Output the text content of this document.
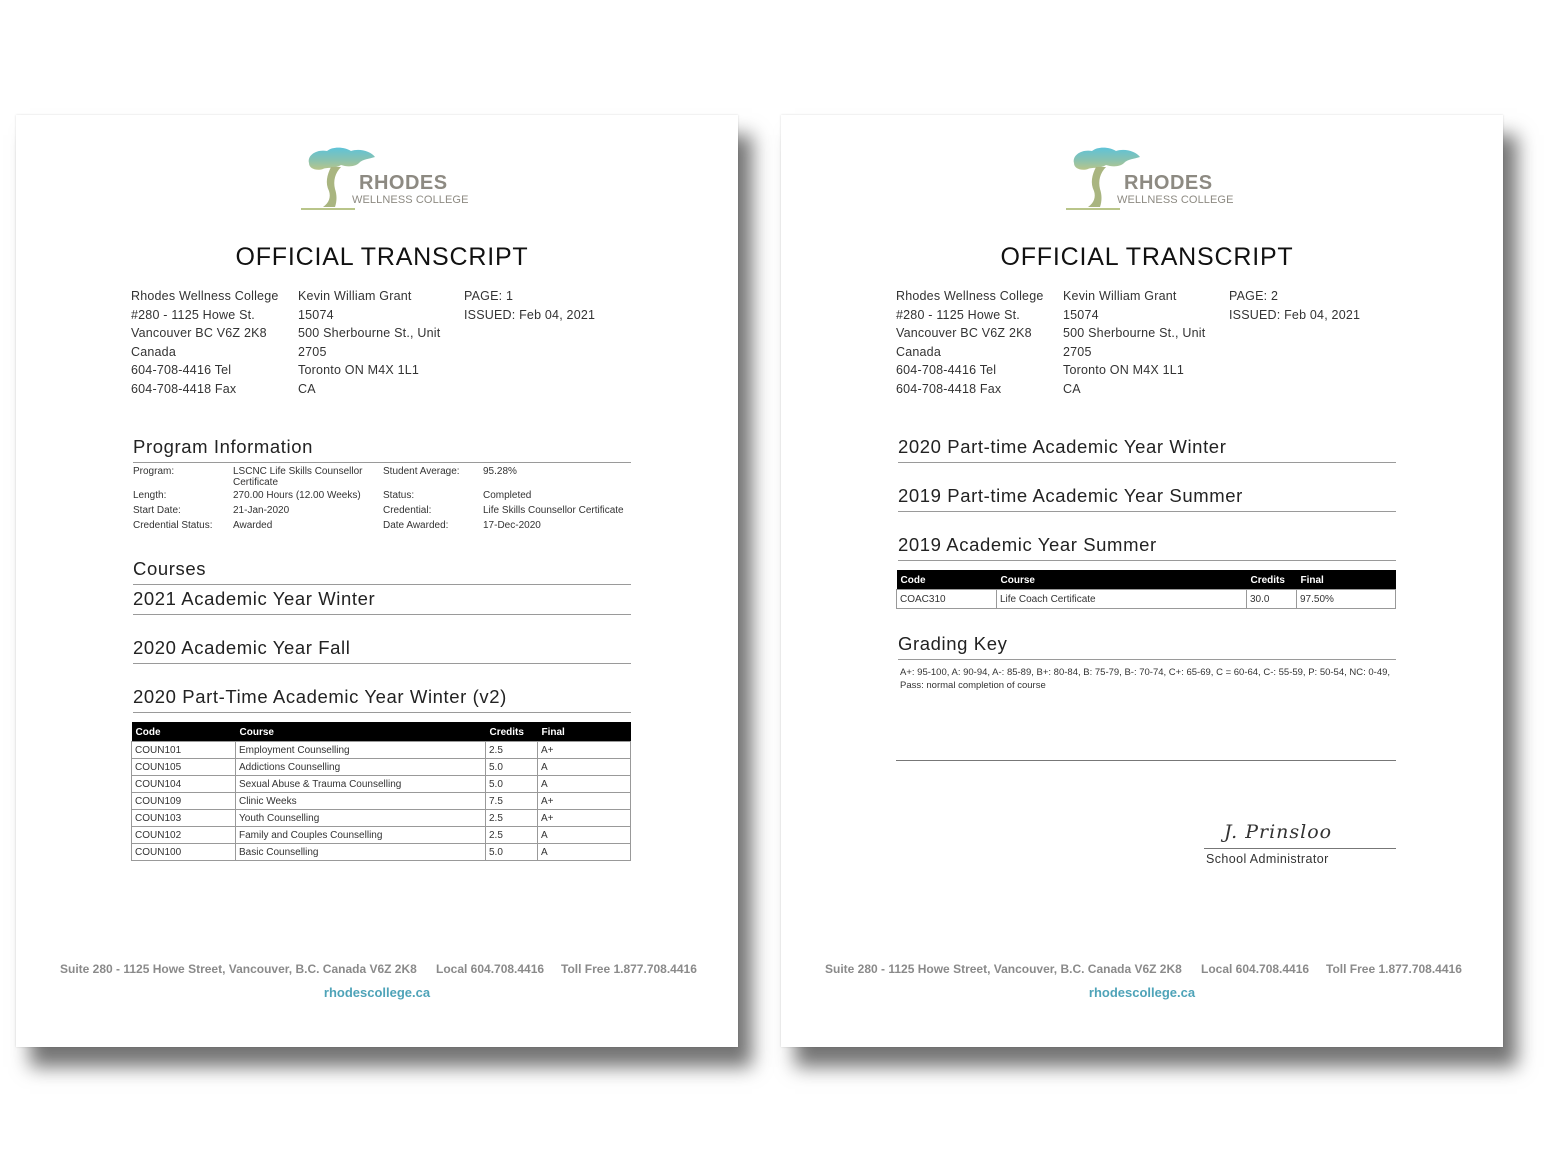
RHODES
WELLNESS COLLEGE
OFFICIAL TRANSCRIPT
Rhodes Wellness College
#280 - 1125 Howe St.
Vancouver BC V6Z 2K8
Canada
604-708-4416 Tel
604-708-4418 Fax
Kevin William Grant
15074
500 Sherbourne St., Unit
2705
Toronto ON M4X 1L1
CA
PAGE: 1
ISSUED: Feb 04, 2021
Program Information
Program:	LSCNC Life Skills Counsellor
Certificate
Student Average: 95.28%
Length:	270.00 Hours (12.00 Weeks) Status:	Completed
Start Date:	21-Jan-2020	Credential:	Life Skills Counsellor Certificate
Credential Status: Awarded	Date Awarded:	17-Dec-2020
Courses
2021 Academic Year Winter
2020 Academic Year Fall
2020 Part-Time Academic Year Winter (v2)
Code	Course	Credits	Final
COUN101	Employment Counselling	2.5	A+
COUN105	Addictions Counselling	5.0	A
COUN104	Sexual Abuse & Trauma Counselling	5.0	A
COUN109	Clinic Weeks	7.5	A+
COUN103	Youth Counselling	2.5	A+
COUN102	Family and Couples Counselling	2.5	A
COUN100	Basic Counselling	5.0	A
Suite 280 - 1125 Howe Street, Vancouver, B.C. Canada V6Z 2K8 Local 604.708.4416 Toll Free 1.877.708.4416
rhodescollege.ca
RHODES
WELLNESS COLLEGE
OFFICIAL TRANSCRIPT
Rhodes Wellness College
#280 - 1125 Howe St.
Vancouver BC V6Z 2K8
Canada
604-708-4416 Tel
604-708-4418 Fax
Kevin William Grant
15074
500 Sherbourne St., Unit
2705
Toronto ON M4X 1L1
CA
PAGE: 2
ISSUED: Feb 04, 2021
2020 Part-time Academic Year Winter
2019 Part-time Academic Year Summer
2019 Academic Year Summer
Code	Course	Credits	Final
COAC310	Life Coach Certificate	30.0	97.50%
Grading Key
A+: 95-100, A: 90-94, A-: 85-89, B+: 80-84, B: 75-79, B-: 70-74, C+: 65-69, C = 60-64, C-: 55-59, P: 50-54, NC: 0-49, Pass: normal completion of course
J. Prinsloo
School Administrator
Suite 280 - 1125 Howe Street, Vancouver, B.C. Canada V6Z 2K8 Local 604.708.4416 Toll Free 1.877.708.4416
rhodescollege.ca
